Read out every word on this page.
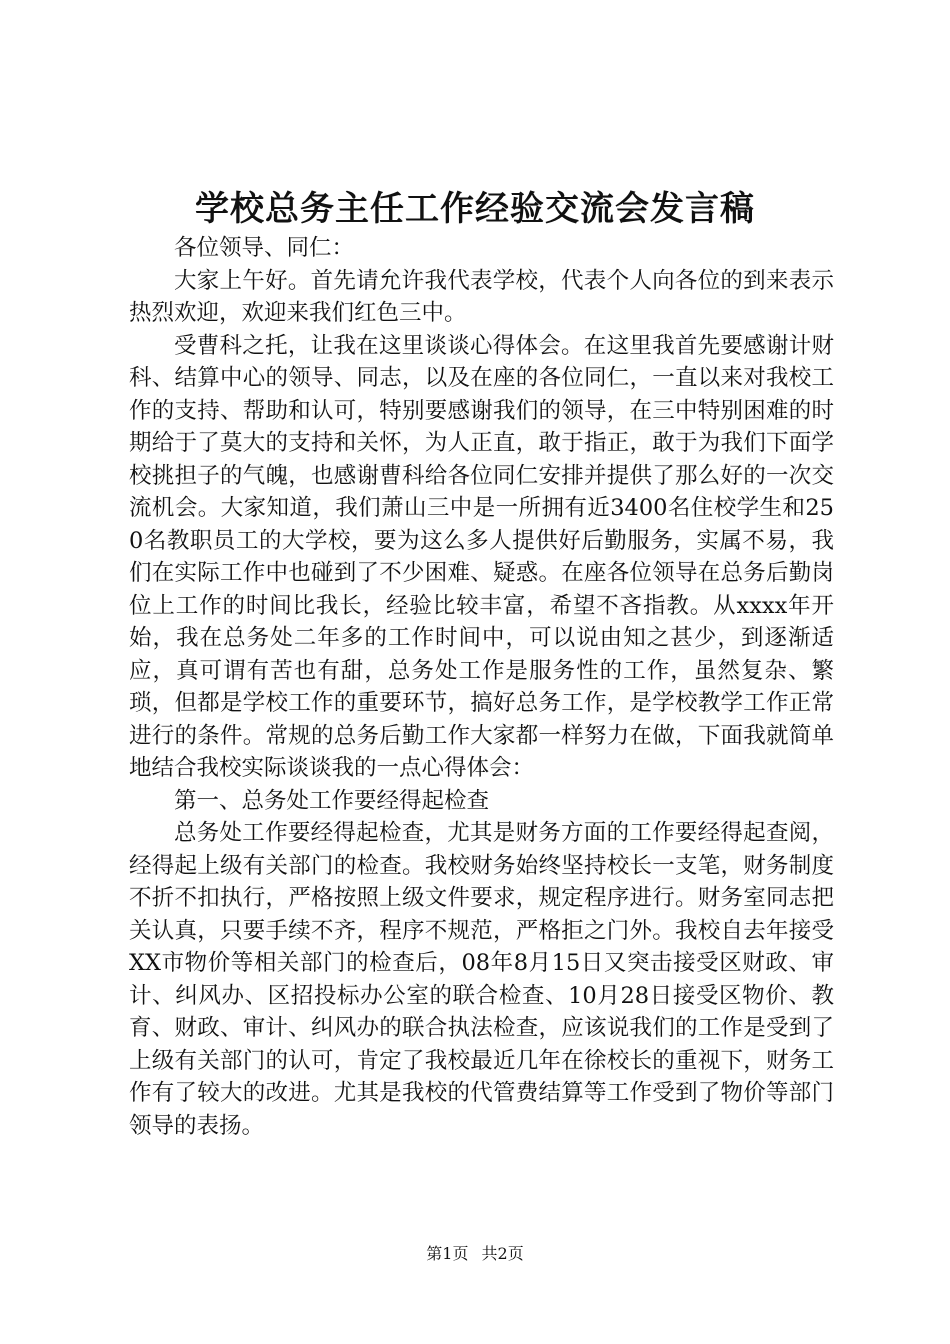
学校总务主任工作经验交流会发言稿

各位领导、同仁：

大家上午好。首先请允许我代表学校，代表个人向各位的到来表示热烈欢迎，欢迎来我们红色三中。

受曹科之托，让我在这里谈谈心得体会。在这里我首先要感谢计财科、结算中心的领导、同志，以及在座的各位同仁，一直以来对我校工作的支持、帮助和认可，特别要感谢我们的领导，在三中特别困难的时期给于了莫大的支持和关怀，为人正直，敢于指正，敢于为我们下面学校挑担子的气魄，也感谢曹科给各位同仁安排并提供了那么好的一次交流机会。大家知道，我们萧山三中是一所拥有近3400名住校学生和250名教职员工的大学校，要为这么多人提供好后勤服务，实属不易，我们在实际工作中也碰到了不少困难、疑惑。在座各位领导在总务后勤岗位上工作的时间比我长，经验比较丰富，希望不吝指教。从xxxx年开始，我在总务处二年多的工作时间中，可以说由知之甚少，到逐渐适应，真可谓有苦也有甜，总务处工作是服务性的工作，虽然复杂、繁琐，但都是学校工作的重要环节，搞好总务工作，是学校教学工作正常进行的条件。常规的总务后勤工作大家都一样努力在做，下面我就简单地结合我校实际谈谈我的一点心得体会：

第一、总务处工作要经得起检查

总务处工作要经得起检查，尤其是财务方面的工作要经得起查阅，经得起上级有关部门的检查。我校财务始终坚持校长一支笔，财务制度不折不扣执行，严格按照上级文件要求，规定程序进行。财务室同志把关认真，只要手续不齐，程序不规范，严格拒之门外。我校自去年接受XX市物价等相关部门的检查后，08年8月15日又突击接受区财政、审计、纠风办、区招投标办公室的联合检查、10月28日接受区物价、教育、财政、审计、纠风办的联合执法检查，应该说我们的工作是受到了上级有关部门的认可，肯定了我校最近几年在徐校长的重视下，财务工作有了较大的改进。尤其是我校的代管费结算等工作受到了物价等部门领导的表扬。

第1页 共2页
